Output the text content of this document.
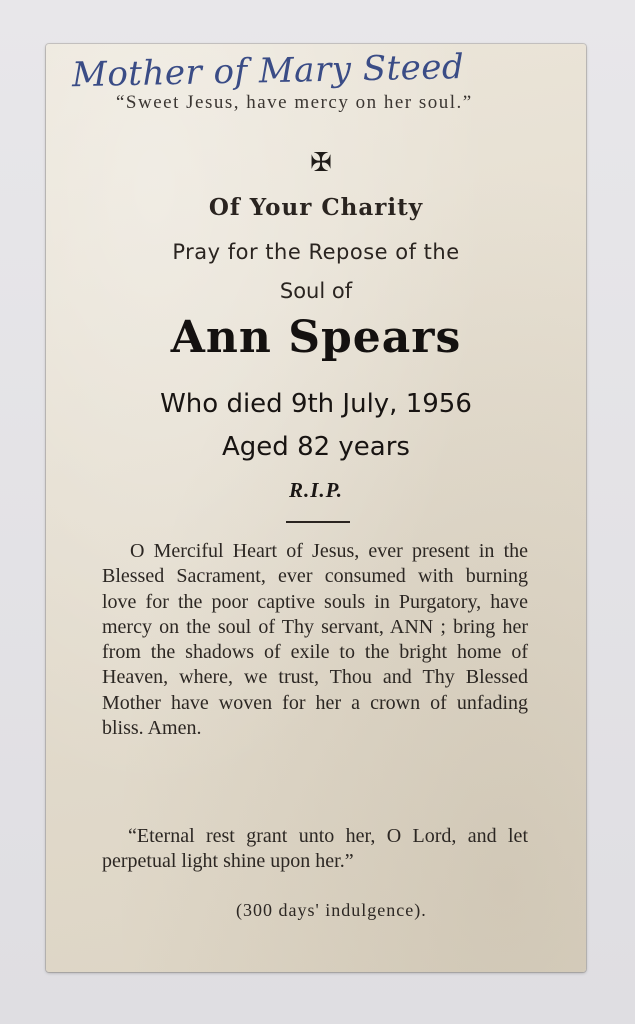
Mother of Mary Steed
“Sweet Jesus, have mercy on her soul.”
✠
Of Your Charity
Pray for the Repose of the
Soul of
Ann Spears
Who died 9th July, 1956
Aged 82 years
R.I.P.
O Merciful Heart of Jesus, ever present in the Blessed Sacrament, ever consumed with burning love for the poor captive souls in Purgatory, have mercy on the soul of Thy servant, ANN ; bring her from the shadows of exile to the bright home of Heaven, where, we trust, Thou and Thy Blessed Mother have woven for her a crown of unfading bliss. Amen.
“Eternal rest grant unto her, O Lord, and let perpetual light shine upon her.”
(300 days' indulgence).
